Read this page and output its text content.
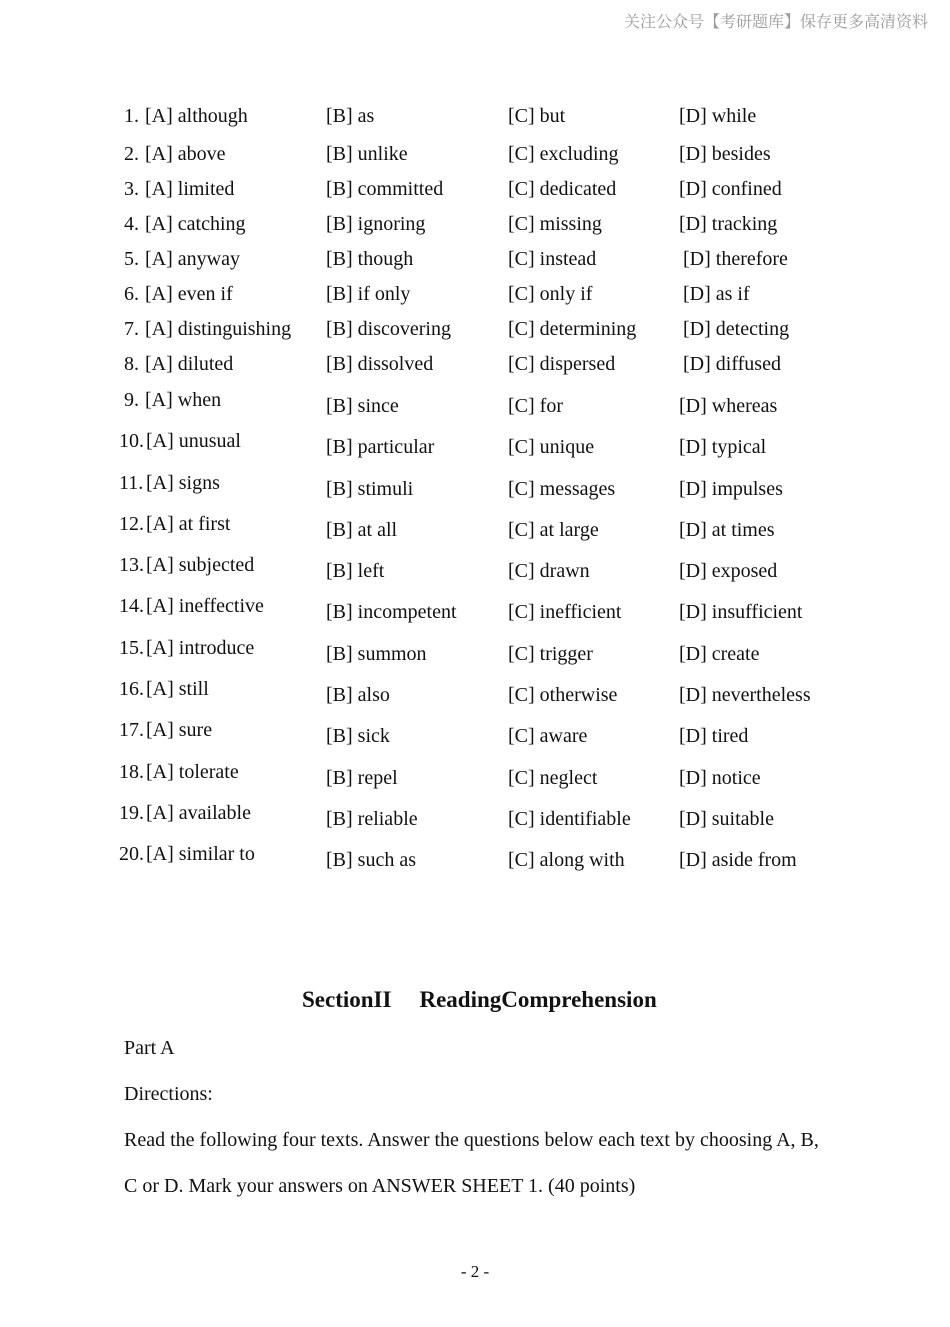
关注公众号【考研题库】保存更多高清资料
1. [A] although	[B] as	[C] but	[D] while
2. [A] above	[B] unlike	[C] excluding	[D] besides
3. [A] limited	[B] committed	[C] dedicated	[D] confined
4. [A] catching	[B] ignoring	[C] missing	[D] tracking
5. [A] anyway	[B] though	[C] instead	[D] therefore
6. [A] even if	[B] if only	[C] only if	[D] as if
7. [A] distinguishing [B] discovering	[C] determining [D] detecting
8. [A] diluted	[B] dissolved	[C] dispersed	[D] diffused
9. [A] when	[B] since	[C] for	[D] whereas
10. [A] unusual	[B] particular	[C] unique	[D] typical
11. [A] signs	[B] stimuli	[C] messages	[D] impulses
12. [A] at first	[B] at all	[C] at large	[D] at times
13. [A] subjected	[B] left	[C] drawn	[D] exposed
14. [A] ineffective	[B] incompetent	[C] inefficient	[D] insufficient
15. [A] introduce	[B] summon	[C] trigger	[D] create
16. [A] still	[B] also	[C] otherwise	[D] nevertheless
17. [A] sure	[B] sick	[C] aware	[D] tired
18. [A] tolerate	[B] repel	[C] neglect	[D] notice
19. [A] available	[B] reliable	[C] identifiable [D] suitable
20. [A] similar to	[B] such as	[C] along with	[D] aside from
SectionII ReadingComprehension
Part A
Directions:
Read the following four texts. Answer the questions below each text by choosing A, B,
C or D. Mark your answers on ANSWER SHEET 1. (40 points)
- 2 -
